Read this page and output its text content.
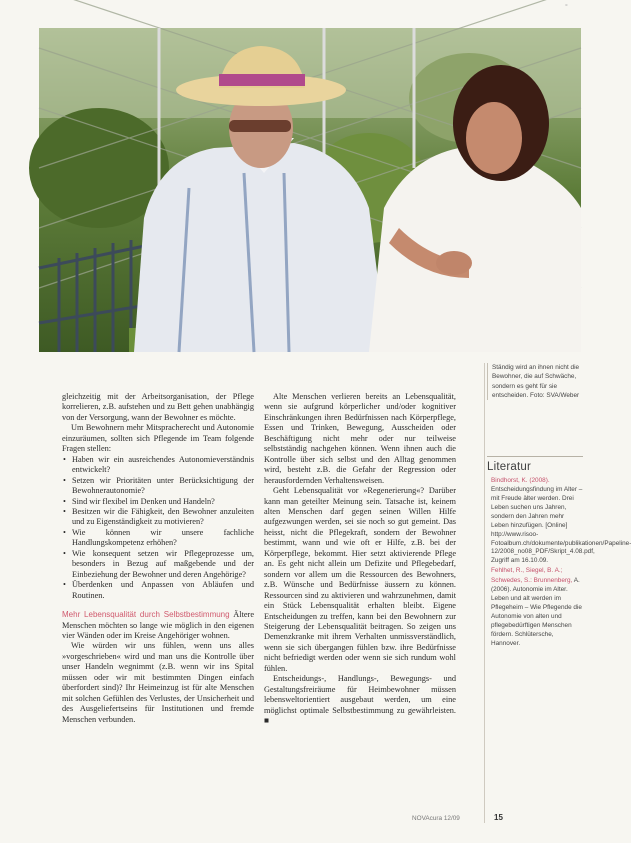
°

gleichzeitig mit der Arbeitsorganisation, der Pflege korrelieren, z.B. aufstehen und zu Bett gehen unabhängig von der Versorgung, wann der Bewohner es möchte.

Um Bewohnern mehr Mitspracherecht und Autonomie einzuräumen, sollten sich Pflegende im Team folgende Fragen stellen:

• Haben wir ein ausreichendes Autonomieverständnis entwickelt?
• Setzen wir Prioritäten unter Berücksichtigung der Bewohnerautonomie?
• Sind wir flexibel im Denken und Handeln?
• Besitzen wir die Fähigkeit, den Bewohner anzuleiten und zu Eigenständigkeit zu motivieren?
• Wie können wir unsere fachliche Handlungskompetenz erhöhen?
• Wie konsequent setzen wir Pflegeprozesse um, besonders in Bezug auf maßgebende und der Einbeziehung der Bewohner und deren Angehörige?
• Überdenken und Anpassen von Abläufen und Routinen.

Mehr Lebensqualität durch Selbstbestimmung Ältere Menschen möchten so lange wie möglich in den eigenen vier Wänden oder im Kreise Angehöriger wohnen.

Wie würden wir uns fühlen, wenn uns alles »vorgeschrieben« wird und man uns die Kontrolle über unser Handeln wegnimmt (z.B. wenn wir ins Spital müssen oder wir mit bestimmten Dingen einfach überfordert sind)? Ihr Heimeinzug ist für alte Menschen mit solchen Gefühlen des Verlustes, der Unsicherheit und des Ausgeliefertseins für Institutionen und fremde Menschen verbunden.

Alte Menschen verlieren bereits an Lebensqualität, wenn sie aufgrund körperlicher und/oder kognitiver Einschränkungen ihren Bedürfnissen nach Körperpflege, Essen und Trinken, Bewegung, Ausscheiden oder Beschäftigung nicht mehr oder nur teilweise selbstständig nachgehen können. Wenn ihnen auch die Kontrolle über sich selbst und den Alltag genommen wird, besteht z.B. die Gefahr der Regression oder herausfordernden Verhaltensweisen.

Geht Lebensqualität vor »Regenerierung«? Darüber kann man geteilter Meinung sein. Tatsache ist, keinem alten Menschen darf gegen seinen Willen Hilfe aufgezwungen werden, sei sie noch so gut gemeint. Das heisst, nicht die Pflegekraft, sondern der Bewohner bestimmt, wann und wie oft er Hilfe, z.B. bei der Körperpflege, bekommt. Hier setzt aktivierende Pflege an. Es geht nicht allein um Defizite und Pflegebedarf, sondern vor allem um die Ressourcen des Bewohners, z.B. Wünsche und Bedürfnisse äussern zu können. Ressourcen sind zu aktivieren und wahrzunehmen, damit ein Stück Lebensqualität erhalten bleibt. Eigene Entscheidungen zu treffen, kann bei den Bewohnern zur Steigerung der Lebensqualität beitragen. So zeigen uns Demenzkranke mit ihrem Verhalten unmissverständlich, wenn sie sich übergangen fühlen bzw. ihre Bedürfnisse nicht befriedigt werden oder wenn sie sich rundum wohl fühlen.

Entscheidungs-, Handlungs-, Bewegungs- und Gestaltungsfreiräume für Heimbewohner müssen lebensweltorientiert ausgebaut werden, um eine möglichst optimale Selbstbestimmung zu gewährleisten. ■

Ständig wird an ihnen nicht die Bewohner, die auf Schwäche, sondern es geht für sie entscheiden. Foto: SVA/Weber
Literatur
Bindhorst, K. (2008). Entscheidungsfindung im Alter – mit Freude älter werden. Drei Leben suchen uns Jahren, sondern den Jahren mehr Leben hinzufügen. [Online] http://www.risoo-Fotoalbum.ch/dokumente/publikationen/Papeline-12/2008_no08_PDF/Skript_4.08.pdf, Zugriff am 16.10.09.
Fehlhet, R., Siegel, B. A.;
Schwedes, S.: Brunnenberg, A. (2006). Autonomie im Alter. Leben und alt werden im Pflegeheim – Wie Pflegende die Autonomie von alten und pflegebedürftigen Menschen fördern. Schlütersche, Hannover.
NOVAcura 12/09	15
